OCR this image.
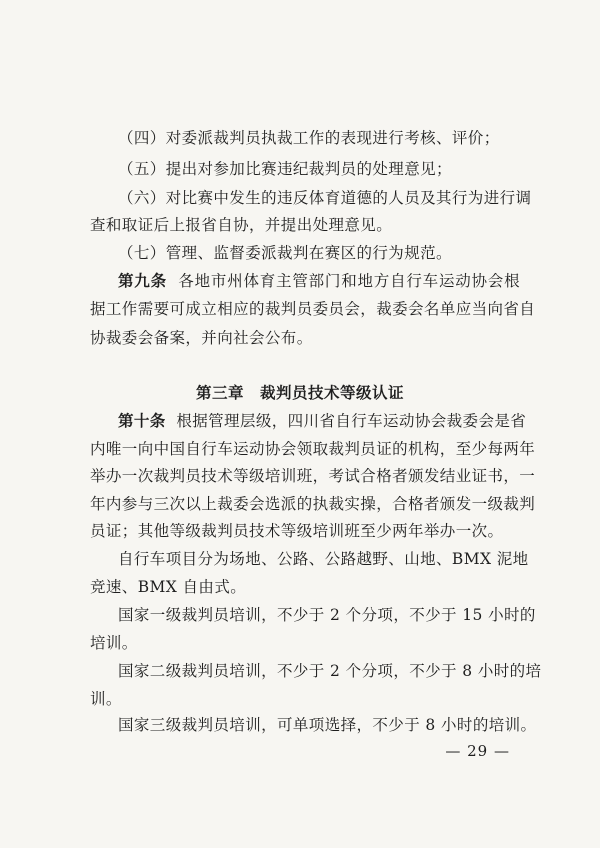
（四）对委派裁判员执裁工作的表现进行考核、评价；
（五）提出对参加比赛违纪裁判员的处理意见；
（六）对比赛中发生的违反体育道德的人员及其行为进行调
查和取证后上报省自协，并提出处理意见。
（七）管理、监督委派裁判在赛区的行为规范。
第九条 各地市州体育主管部门和地方自行车运动协会根
据工作需要可成立相应的裁判员委员会，裁委会名单应当向省自
协裁委会备案，并向社会公布。
第三章 裁判员技术等级认证
第十条 根据管理层级，四川省自行车运动协会裁委会是省
内唯一向中国自行车运动协会领取裁判员证的机构，至少每两年
举办一次裁判员技术等级培训班，考试合格者颁发结业证书，一
年内参与三次以上裁委会选派的执裁实操，合格者颁发一级裁判
员证；其他等级裁判员技术等级培训班至少两年举办一次。
自行车项目分为场地、公路、公路越野、山地、BMX 泥地
竞速、BMX 自由式。
国家一级裁判员培训，不少于 2 个分项，不少于 15 小时的
培训。
国家二级裁判员培训，不少于 2 个分项，不少于 8 小时的培
训。
国家三级裁判员培训，可单项选择，不少于 8 小时的培训。
— 29 —
